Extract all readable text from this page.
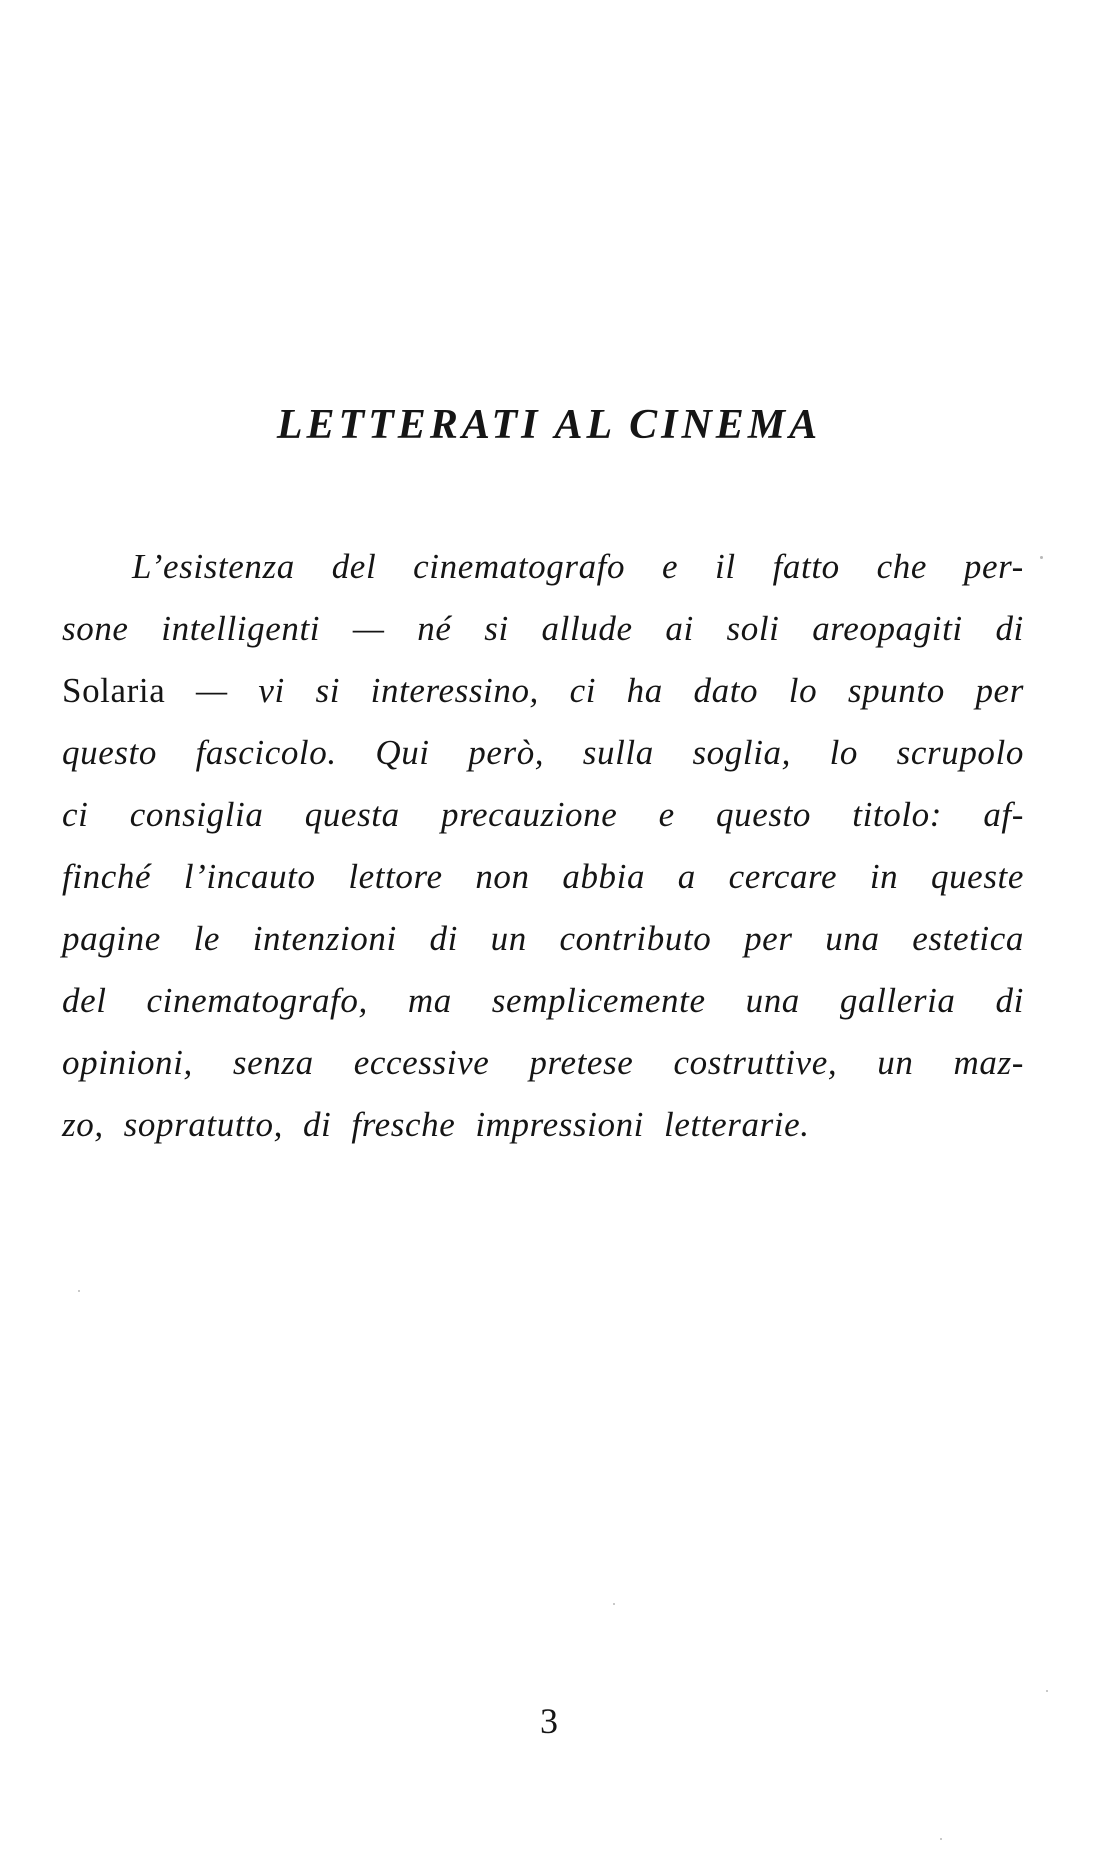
LETTERATI AL CINEMA
L’esistenza del cinematografo e il fatto che per-
sone intelligenti — né si allude ai soli areopagiti di
Solaria — vi si interessino, ci ha dato lo spunto per
questo fascicolo. Qui però, sulla soglia, lo scrupolo
ci consiglia questa precauzione e questo titolo: af-
finché l’incauto lettore non abbia a cercare in queste
pagine le intenzioni di un contributo per una estetica
del cinematografo, ma semplicemente una galleria di
opinioni, senza eccessive pretese costruttive, un maz-
zo, sopratutto, di fresche impressioni letterarie.
3
